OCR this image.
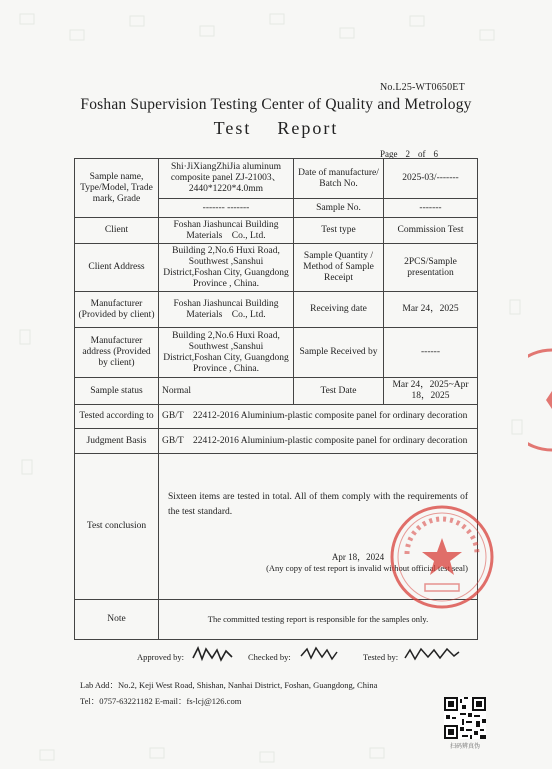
No.L25-WT0650ET
Foshan Supervision Testing Center of Quality and Metrology
Test Report
Page 2 of 6
Sample name, Type/Model, Trade mark, Grade	Shi·JiXiangZhiJia aluminum composite panel ZJ-21003、2440*1220*4.0mm	Date of manufacture/ Batch No.	2025-03/-------
	------- -------	Sample No.	-------
Client	Foshan Jiashuncai Building Materials　Co., Ltd.	Test type	Commission Test
Client Address	Building 2,No.6 Huxi Road, Southwest ,Sanshui District,Foshan City, Guangdong Province , China.	Sample Quantity / Method of Sample Receipt	2PCS/Sample presentation
Manufacturer (Provided by client)	Foshan Jiashuncai Building Materials　Co., Ltd.	Receiving date	Mar 24，2025
Manufacturer address (Provided by client)	Building 2,No.6 Huxi Road, Southwest ,Sanshui District,Foshan City, Guangdong Province , China.	Sample Received by	------
Sample status	Normal	Test Date	Mar 24，2025~Apr 18，2025
Tested according to	GB/T　22412-2016 Aluminium-plastic composite panel for ordinary decoration		
Judgment Basis	GB/T　22412-2016 Aluminium-plastic composite panel for ordinary decoration		
Test conclusion	Sixteen items are tested in total. All of them comply with the requirements of the test standard.
Apr 18，2024
(Any copy of test report is invalid without official test seal)		

Note	The committed testing report is responsible for the samples only.		
Approved by:	Checked by:	Tested by:
Lab Add：No.2, Keji West Road, Shishan, Nanhai District, Foshan, Guangdong, China
Tel：0757-63221182 E-mail：fs-lcj@126.com
扫码辨真伪
